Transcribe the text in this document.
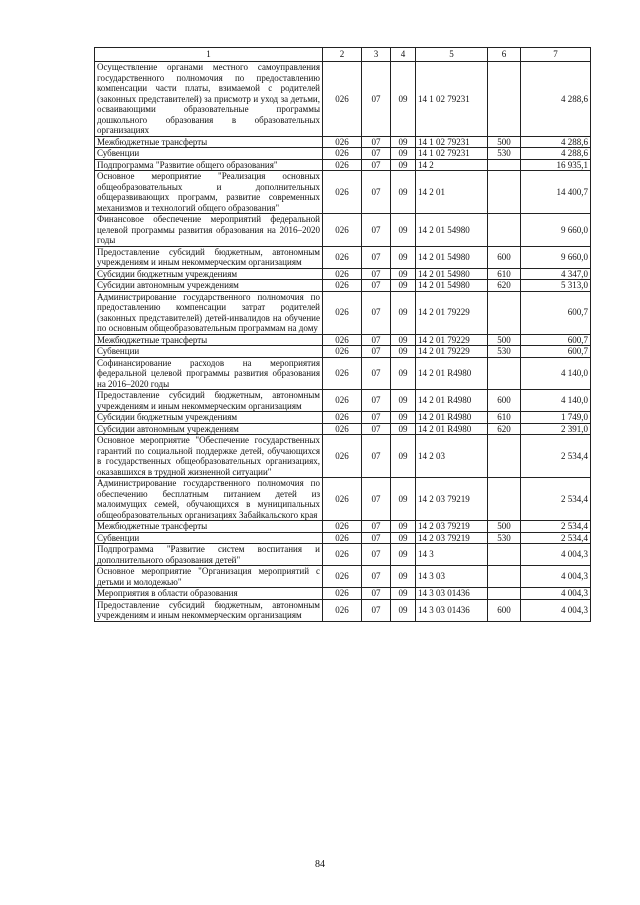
1	2	3	4	5	6	7
Осуществление органами местного самоуправления государственного полномочия по предоставлению компенсации части платы, взимаемой с родителей (законных представителей) за присмотр и уход за детьми, осваивающими образовательные программы дошкольного образования в образовательных организациях	026	07	09	14 1 02 79231		4 288,6
Межбюджетные трансферты	026	07	09	14 1 02 79231	500	4 288,6
Субвенции	026	07	09	14 1 02 79231	530	4 288,6
Подпрограмма "Развитие общего образования"	026	07	09	14 2		16 935,1
Основное мероприятие "Реализация основных общеобразовательных и дополнительных общеразвивающих программ, развитие современных механизмов и технологий общего образования"	026	07	09	14 2 01		14 400,7
Финансовое обеспечение мероприятий федеральной целевой программы развития образования на 2016–2020 годы	026	07	09	14 2 01 54980		9 660,0
Предоставление субсидий бюджетным, автономным учреждениям и иным некоммерческим организациям	026	07	09	14 2 01 54980	600	9 660,0
Субсидии бюджетным учреждениям	026	07	09	14 2 01 54980	610	4 347,0
Субсидии автономным учреждениям	026	07	09	14 2 01 54980	620	5 313,0
Администрирование государственного полномочия по предоставлению компенсации затрат родителей (законных представителей) детей-инвалидов на обучение по основным общеобразовательным программам на дому	026	07	09	14 2 01 79229		600,7
Межбюджетные трансферты	026	07	09	14 2 01 79229	500	600,7
Субвенции	026	07	09	14 2 01 79229	530	600,7
Софинансирование расходов на мероприятия федеральной целевой программы развития образования на 2016–2020 годы	026	07	09	14 2 01 R4980		4 140,0
Предоставление субсидий бюджетным, автономным учреждениям и иным некоммерческим организациям	026	07	09	14 2 01 R4980	600	4 140,0
Субсидии бюджетным учреждениям	026	07	09	14 2 01 R4980	610	1 749,0
Субсидии автономным учреждениям	026	07	09	14 2 01 R4980	620	2 391,0
Основное мероприятие "Обеспечение государственных гарантий по социальной поддержке детей, обучающихся в государственных общеобразовательных организациях, оказавшихся в трудной жизненной ситуации"	026	07	09	14 2 03		2 534,4
Администрирование государственного полномочия по обеспечению бесплатным питанием детей из малоимущих семей, обучающихся в муниципальных общеобразовательных организациях Забайкальского края	026	07	09	14 2 03 79219		2 534,4
Межбюджетные трансферты	026	07	09	14 2 03 79219	500	2 534,4
Субвенции	026	07	09	14 2 03 79219	530	2 534,4
Подпрограмма "Развитие систем воспитания и дополнительного образования детей"	026	07	09	14 3		4 004,3
Основное мероприятие "Организация мероприятий с детьми и молодежью"	026	07	09	14 3 03		4 004,3
Мероприятия в области образования	026	07	09	14 3 03 01436		4 004,3
Предоставление субсидий бюджетным, автономным учреждениям и иным некоммерческим организациям	026	07	09	14 3 03 01436	600	4 004,3
84
